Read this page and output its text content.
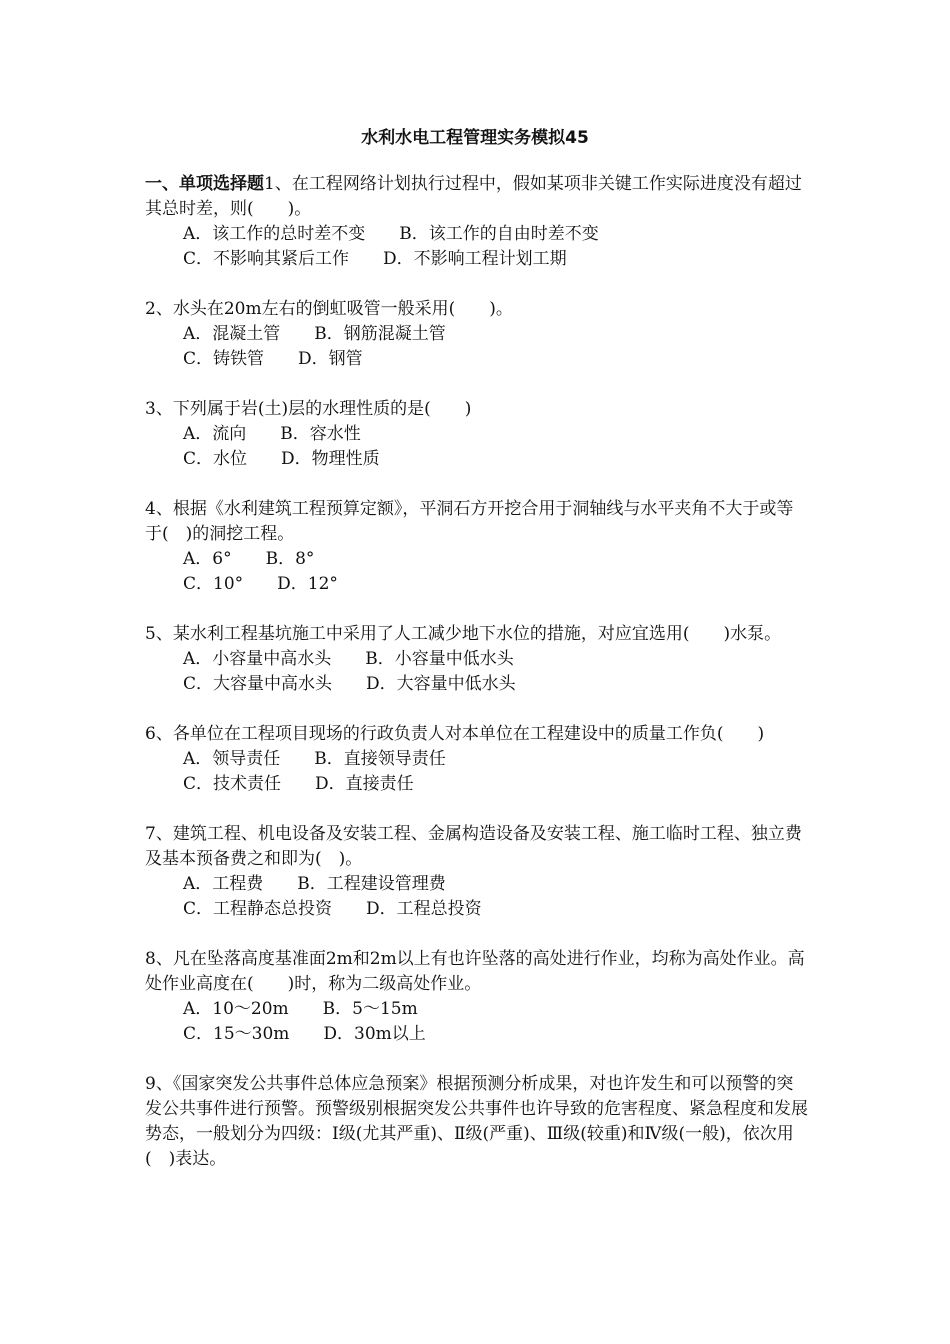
水利水电工程管理实务模拟45
一、单项选择题1、在工程网络计划执行过程中，假如某项非关键工作实际进度没有超过其总时差，则(　　)。
A．该工作的总时差不变　　B．该工作的自由时差不变
C．不影响其紧后工作　　D．不影响工程计划工期
2、水头在20m左右的倒虹吸管一般采用(　　)。
A．混凝土管　　B．钢筋混凝土管
C．铸铁管　　D．钢管
3、下列属于岩(土)层的水理性质的是(　　)
A．流向　　B．容水性
C．水位　　D．物理性质
4、根据《水利建筑工程预算定额》，平洞石方开挖合用于洞轴线与水平夹角不大于或等于(　)的洞挖工程。
A．6°　　B．8°
C．10°　　D．12°
5、某水利工程基坑施工中采用了人工减少地下水位的措施，对应宜选用(　　)水泵。
A．小容量中高水头　　B．小容量中低水头
C．大容量中高水头　　D．大容量中低水头
6、各单位在工程项目现场的行政负责人对本单位在工程建设中的质量工作负(　　)
A．领导责任　　B．直接领导责任
C．技术责任　　D．直接责任
7、建筑工程、机电设备及安装工程、金属构造设备及安装工程、施工临时工程、独立费及基本预备费之和即为(　)。
A．工程费　　B．工程建设管理费
C．工程静态总投资　　D．工程总投资
8、凡在坠落高度基准面2m和2m以上有也许坠落的高处进行作业，均称为高处作业。高处作业高度在(　　)时，称为二级高处作业。
A．10～20m　　B．5～15m
C．15～30m　　D．30m以上
9、《国家突发公共事件总体应急预案》根据预测分析成果，对也许发生和可以预警的突发公共事件进行预警。预警级别根据突发公共事件也许导致的危害程度、紧急程度和发展势态，一般划分为四级：Ⅰ级(尤其严重)、Ⅱ级(严重)、Ⅲ级(较重)和Ⅳ级(一般)，依次用(　)表达。
